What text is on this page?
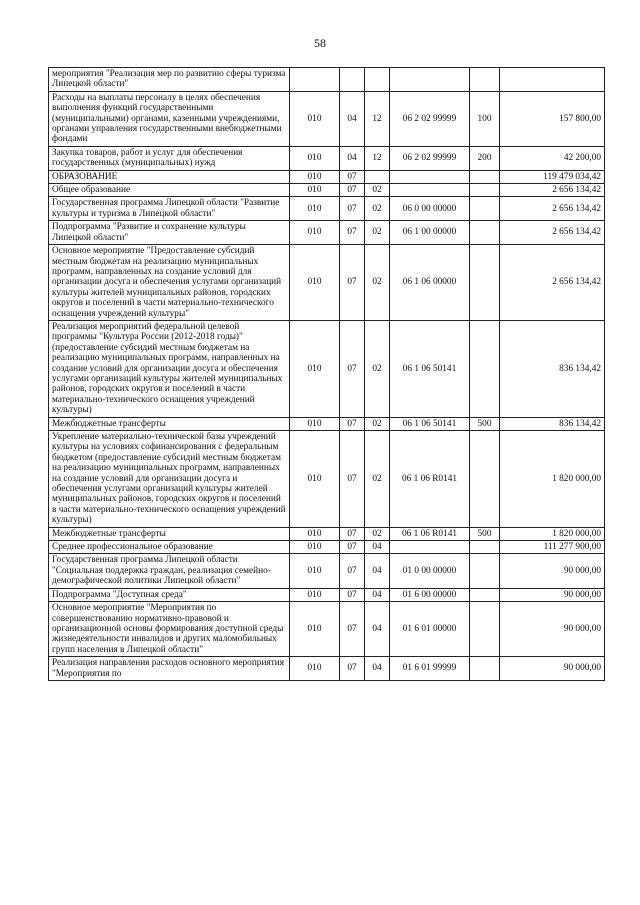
58
мероприятия "Реализация мер по развитию сферы туризма Липецкой области"						
Расходы на выплаты персоналу в целях обеспечения выполнения функций государственными (муниципальными) органами, казенными учреждениями, органами управления государственными внебюджетными фондами	010	04	12	06 2 02 99999	100	157 800,00
Закупка товаров, работ и услуг для обеспечения государственных (муниципальных) нужд	010	04	12	06 2 02 99999	200	42 200,00
ОБРАЗОВАНИЕ	010	07				119 479 034,42
Общее образование	010	07	02			2 656 134,42
Государственная программа Липецкой области "Развитие культуры и туризма в Липецкой области"	010	07	02	06 0 00 00000		2 656 134,42
Подпрограмма "Развитие и сохранение культуры Липецкой области"	010	07	02	06 1 00 00000		2 656 134,42
Основное мероприятие "Предоставление субсидий местным бюджетам на реализацию муниципальных программ, направленных на создание условий для организации досуга и обеспечения услугами организаций культуры жителей муниципальных районов, городских округов и поселений в части материально-технического оснащения учреждений культуры"	010	07	02	06 1 06 00000		2 656 134,42
Реализация мероприятий федеральной целевой программы "Культура России (2012-2018 годы)" (предоставление субсидий местным бюджетам на реализацию муниципальных программ, направленных на создание условий для организации досуга и обеспечения услугами организаций культуры жителей муниципальных районов, городских округов и поселений в части материально-технического оснащения учреждений культуры)	010	07	02	06 1 06 50141		836 134,42
Межбюджетные трансферты	010	07	02	06 1 06 50141	500	836 134,42
Укрепление материально-технической базы учреждений культуры на условиях софинансирования с федеральным бюджетом (предоставление субсидий местным бюджетам на реализацию муниципальных программ, направленных на создание условий для организации досуга и обеспечения услугами организаций культуры жителей муниципальных районов, городских округов и поселений в части материально-технического оснащения учреждений культуры)	010	07	02	06 1 06 R0141		1 820 000,00
Межбюджетные трансферты	010	07	02	06 1 06 R0141	500	1 820 000,00
Среднее профессиональное образование	010	07	04			111 277 900,00
Государственная программа Липецкой области "Социальная поддержка граждан, реализация семейно-демографической политики Липецкой области"	010	07	04	01 0 00 00000		90 000,00
Подпрограмма "Доступная среда"	010	07	04	01 6 00 00000		90 000,00
Основное мероприятие "Мероприятия по совершенствованию нормативно-правовой и организационной основы формирования доступной среды жизнедеятельности инвалидов и других маломобильных групп населения в Липецкой области"	010	07	04	01 6 01 00000		90 000,00
Реализация направления расходов основного мероприятия "Мероприятия по	010	07	04	01 6 01 99999		90 000,00
